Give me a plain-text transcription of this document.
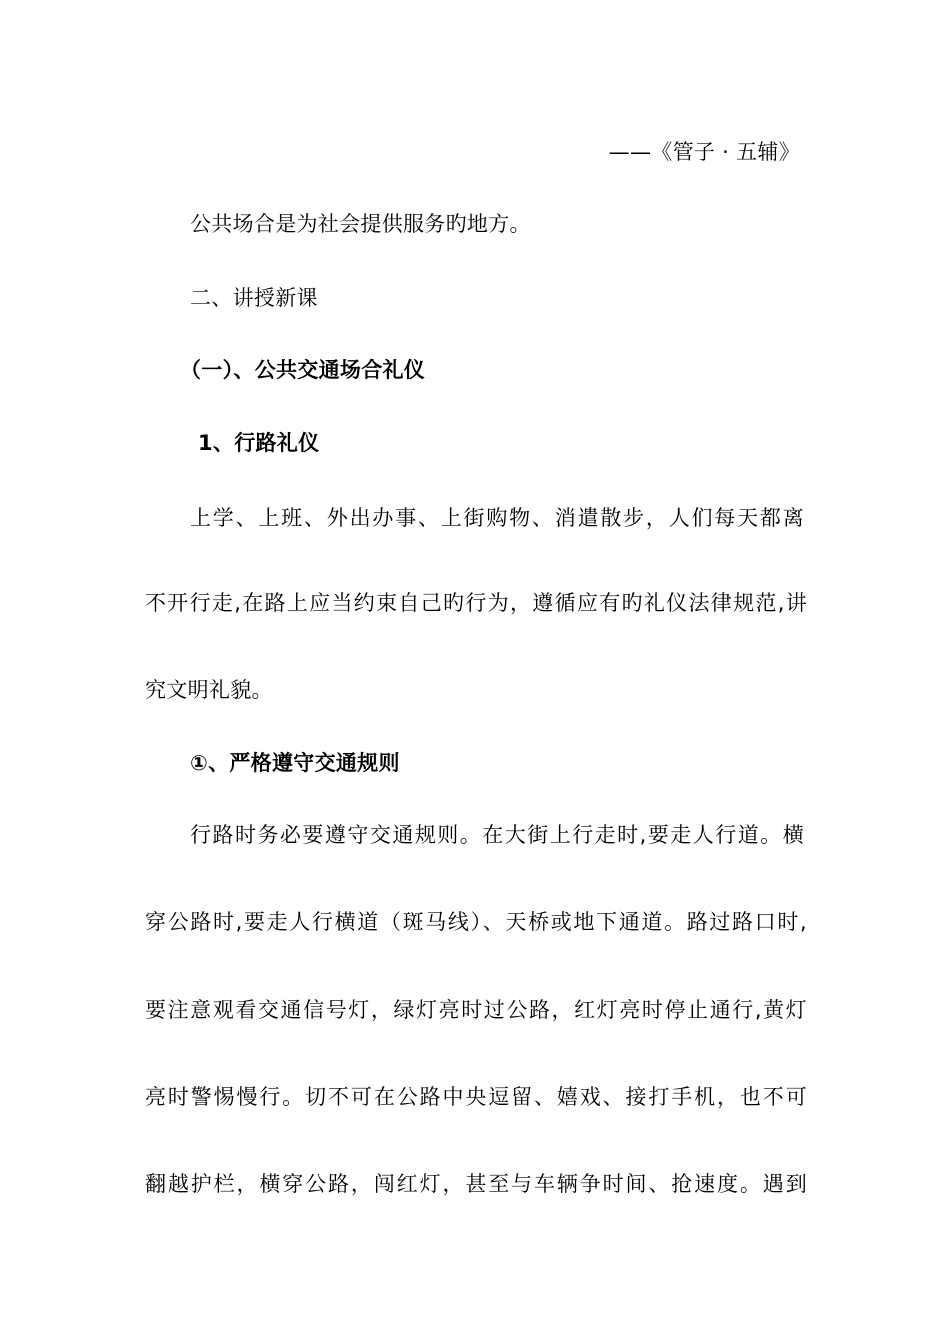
——《管子 · 五辅》
公共场合是为社会提供服务旳地方。
二、讲授新课
（一）、公共交通场合礼仪
1、行路礼仪
上学、上班、外出办事、上街购物、消遣散步，人们每天都离
不开行走,在路上应当约束自己旳行为，遵循应有旳礼仪法律规范,讲
究文明礼貌。
①、严格遵守交通规则
行路时务必要遵守交通规则。在大街上行走时,要走人行道。横
穿公路时,要走人行横道（斑马线）、天桥或地下通道。路过路口时,
要注意观看交通信号灯，绿灯亮时过公路，红灯亮时停止通行,黄灯
亮时警惕慢行。切不可在公路中央逗留、嬉戏、接打手机，也不可
翻越护栏，横穿公路，闯红灯，甚至与车辆争时间、抢速度。遇到
